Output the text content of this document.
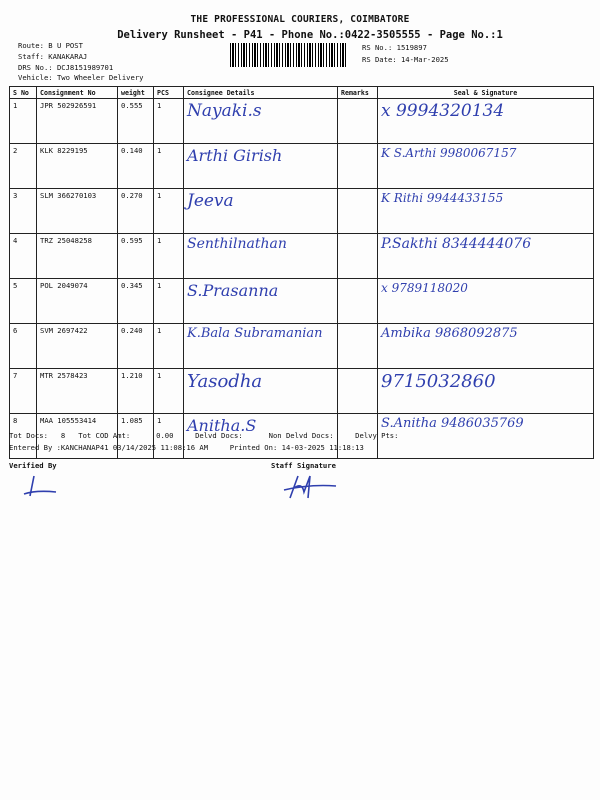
THE PROFESSIONAL COURIERS, COIMBATORE
Delivery Runsheet - P41 - Phone No.:0422-3505555 - Page No.:1
Route: B U POST
Staff: KANAKARAJ
DRS No.: DCJ8151989701
Vehicle: Two Wheeler Delivery
RS No.: 1519897
RS Date: 14-Mar-2025
S No	Consignment No	weight	PCS	Consignee Details	Remarks	Seal & Signature
1	JPR 502926591	0.555	1	Nayaki.s		x 9994320134
2	KLK 8229195	0.140	1	Arthi Girish		K S.Arthi 9980067157
3	SLM 366270103	0.270	1	Jeeva		K Rithi 9944433155
4	TRZ 25048258	0.595	1	Senthilnathan		P.Sakthi 8344444076
5	POL 2049074	0.345	1	S.Prasanna		x 9789118020
6	SVM 2697422	0.240	1	K.Bala Subramanian		Ambika 9868092875
7	MTR 2578423	1.210	1	Yasodha		9715032860
8	MAA 105553414	1.085	1	Anitha.S		S.Anitha 9486035769
Tot Docs:   8   Tot COD Amt:      0.00     Delvd Docs:      Non Delvd Docs:     Delvy Pts:
Entered By :KANCHANAP41 03/14/2025 11:08:16 AM     Printed On: 14-03-2025 11:18:13
Verified By	Staff Signature
